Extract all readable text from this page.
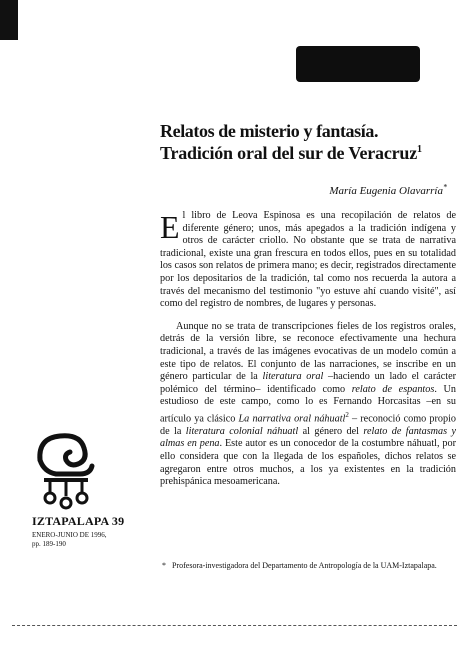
Relatos de misterio y fantasía.

Tradición oral del sur de Veracruz$^1$

María Eugenia Olavarría*

El libro de Leova Espinosa es una recopilación de relatos de diferente género; unos, más apegados a la tradición indígena y otros de carácter criollo. No obstante que se trata de narrativa tradicional, existe una gran frescura en todos ellos, pues en su totalidad los casos son relatos de primera mano; es decir, registrados directamente por los depositarios de la tradición, tal como nos recuerda la autora a través del mecanismo del testimonio "yo estuve ahí cuando visité", así como del registro de nombres, de lugares y personas.

Aunque no se trata de transcripciones fieles de los registros orales, detrás de la versión libre, se reconoce efectivamente una hechura tradicional, a través de las imágenes evocativas de un modelo común a este tipo de relatos. El conjunto de las narraciones, se inscribe en un género particular de la literatura oral –haciendo un lado el carácter polémico del término– identificado como relato de espantos. Un estudioso de este campo, como lo es Fernando Horcasitas –en su artículo ya clásico La narrativa oral náhuatl$^2$ – reconoció como propio de la literatura colonial náhuatl al género del relato de fantasmas y almas en pena. Este autor es un conocedor de la costumbre náhuatl, por ello considera que con la llegada de los españoles, dichos relatos se agregaron entre otros muchos, a los ya existentes en la tradición prehispánica mesoamericana.

* Profesora-investigadora del Departamento de Antropología de la UAM-Iztapalapa.
IZTAPALAPA 39
ENERO-JUNIO DE 1996,
pp. 189-190
